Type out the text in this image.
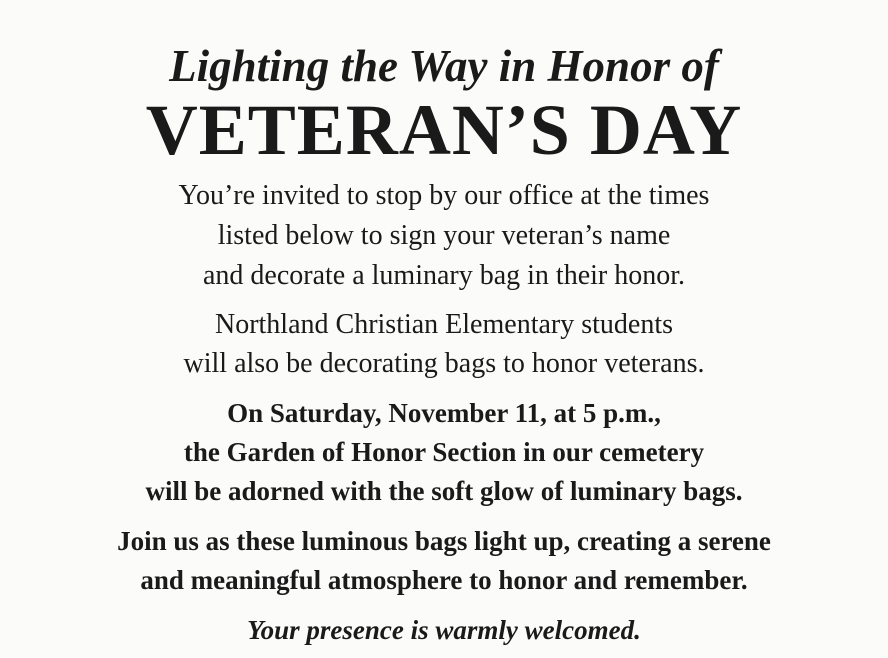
Lighting the Way in Honor of
VETERAN’S DAY
You’re invited to stop by our office at the times
listed below to sign your veteran’s name
and decorate a luminary bag in their honor.
Northland Christian Elementary students
will also be decorating bags to honor veterans.
On Saturday, November 11, at 5 p.m.,
the Garden of Honor Section in our cemetery
will be adorned with the soft glow of luminary bags.
Join us as these luminous bags light up, creating a serene
and meaningful atmosphere to honor and remember.
Your presence is warmly welcomed.
